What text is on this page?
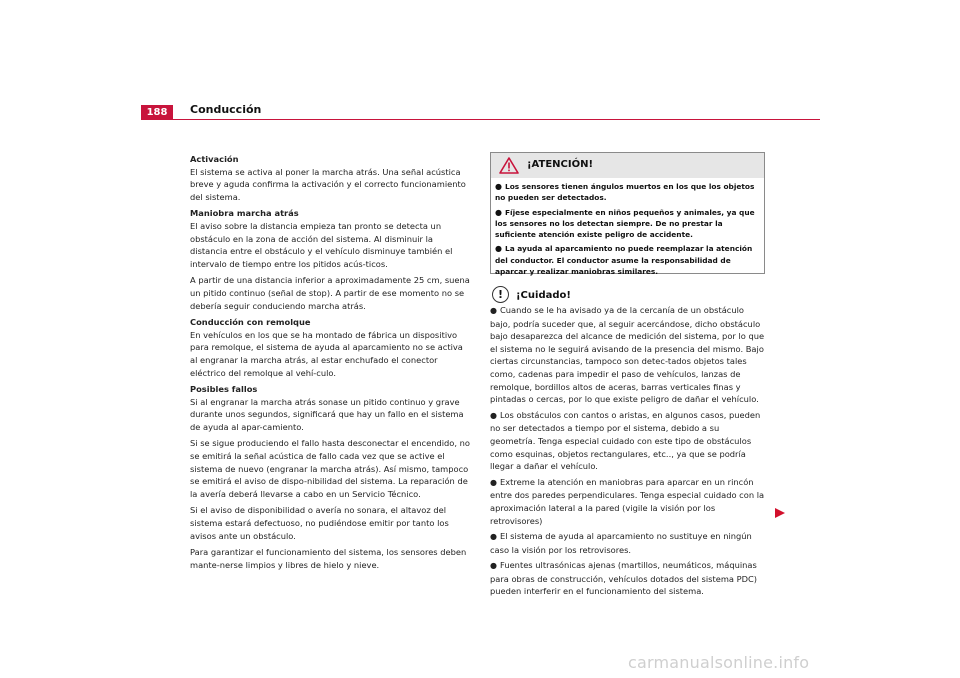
188	Conducción
Activación

El sistema se activa al poner la marcha atrás. Una señal acústica breve y aguda confirma la activación y el correcto funcionamiento del sistema.

Maniobra marcha atrás

El aviso sobre la distancia empieza tan pronto se detecta un obstáculo en la zona de acción del sistema. Al disminuir la distancia entre el obstáculo y el vehículo disminuye también el intervalo de tiempo entre los pitidos acús-ticos.

A partir de una distancia inferior a aproximadamente 25 cm, suena un pitido continuo (señal de stop). A partir de ese momento no se debería seguir conduciendo marcha atrás.

Conducción con remolque

En vehículos en los que se ha montado de fábrica un dispositivo para remolque, el sistema de ayuda al aparcamiento no se activa al engranar la marcha atrás, al estar enchufado el conector eléctrico del remolque al vehí-culo.

Posibles fallos

Si al engranar la marcha atrás sonase un pitido continuo y grave durante unos segundos, significará que hay un fallo en el sistema de ayuda al apar-camiento.

Si se sigue produciendo el fallo hasta desconectar el encendido, no se emitirá la señal acústica de fallo cada vez que se active el sistema de nuevo (engranar la marcha atrás). Así mismo, tampoco se emitirá el aviso de dispo-nibilidad del sistema. La reparación de la avería deberá llevarse a cabo en un Servicio Técnico.

Si el aviso de disponibilidad o avería no sonara, el altavoz del sistema estará defectuoso, no pudiéndose emitir por tanto los avisos ante un obstáculo.

Para garantizar el funcionamiento del sistema, los sensores deben mante-nerse limpios y libres de hielo y nieve.

¡ATENCIÓN!
● Los sensores tienen ángulos muertos en los que los objetos no pueden ser detectados.
● Fíjese especialmente en niños pequeños y animales, ya que los sensores no los detectan siempre. De no prestar la suficiente atención existe peligro de accidente.
● La ayuda al aparcamiento no puede reemplazar la atención del conductor. El conductor asume la responsabilidad de aparcar y realizar maniobras similares.
!	¡Cuidado!
● Cuando se le ha avisado ya de la cercanía de un obstáculo bajo, podría suceder que, al seguir acercándose, dicho obstáculo bajo desaparezca del alcance de medición del sistema, por lo que el sistema no le seguirá avisando de la presencia del mismo. Bajo ciertas circunstancias, tampoco son detec-tados objetos tales como, cadenas para impedir el paso de vehículos, lanzas de remolque, bordillos altos de aceras, barras verticales finas y pintadas o cercas, por lo que existe peligro de dañar el vehículo.
● Los obstáculos con cantos o aristas, en algunos casos, pueden no ser detectados a tiempo por el sistema, debido a su geometría. Tenga especial cuidado con este tipo de obstáculos como esquinas, objetos rectangulares, etc.., ya que se podría llegar a dañar el vehículo.
● Extreme la atención en maniobras para aparcar en un rincón entre dos paredes perpendiculares. Tenga especial cuidado con la aproximación lateral a la pared (vigile la visión por los retrovisores)
● El sistema de ayuda al aparcamiento no sustituye en ningún caso la visión por los retrovisores.
● Fuentes ultrasónicas ajenas (martillos, neumáticos, máquinas para obras de construcción, vehículos dotados del sistema PDC) pueden interferir en el funcionamiento del sistema.
carmanualsonline.info
